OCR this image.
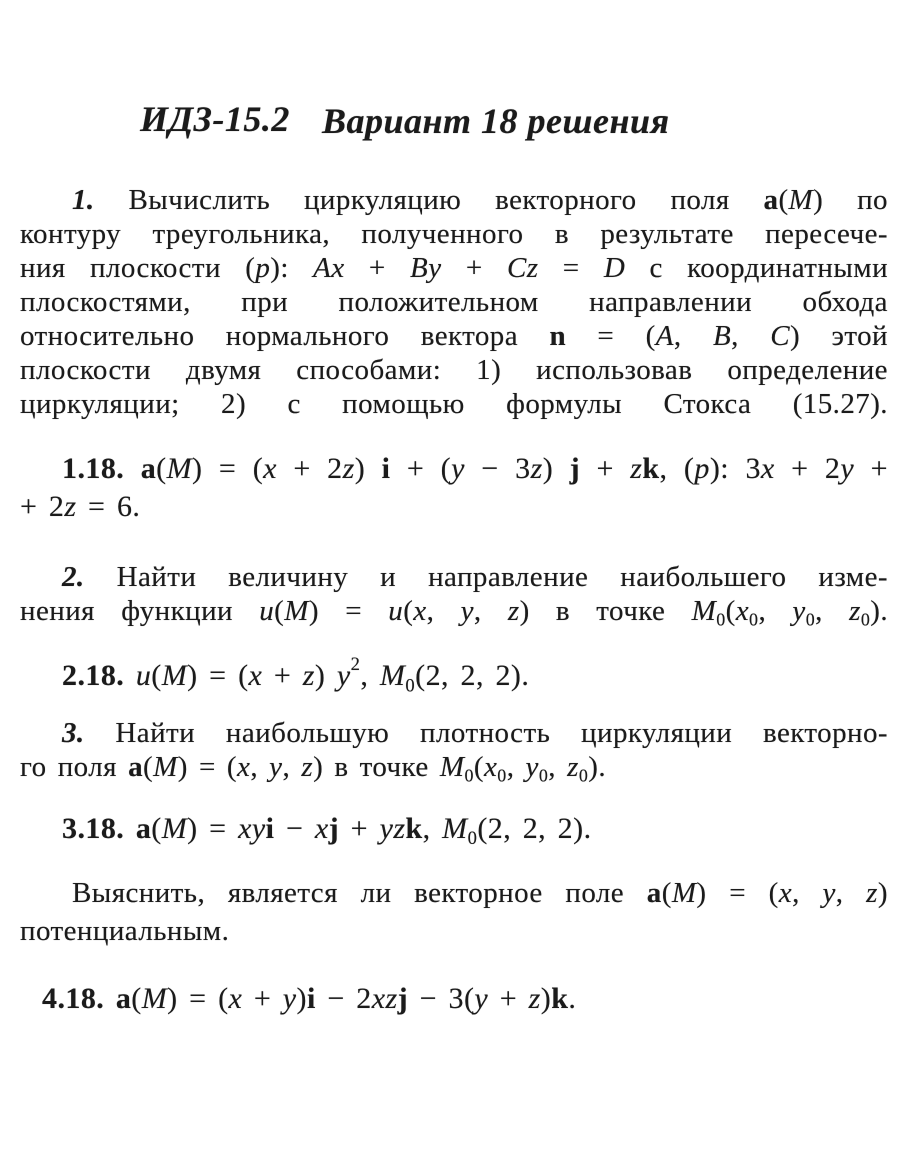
ИДЗ-15.2 Вариант 18 решения
1. Вычислить циркуляцию векторного поля a(M) по
контуру треугольника, полученного в результате пересече-
ния плоскости (p): Ax + By + Cz = D с координатными
плоскостями, при положительном направлении обхода
относительно нормального вектора n = (A, B, C) этой
плоскости двумя способами: 1) использовав определение
циркуляции; 2) с помощью формулы Стокса (15.27).
1.18. a(M) = (x + 2z) i + (y − 3z) j + zk, (p): 3x + 2y +
+ 2z = 6.
2. Найти величину и направление наибольшего изме-
нения функции u(M) = u(x, y, z) в точке M0(x0, y0, z0).
2.18. u(M) = (x + z) $y^2$, $M_0(2$, 2, 2).
3. Найти наибольшую плотность циркуляции векторно-
го поля a(M) = (x, y, z) в точке M0(x0, y0, z0).
3.18. a(M) = xyi − xj + yzk, $M_0(2$, 2, 2).
Выяснить, является ли векторное поле a(M) = (x, y, z)
потенциальным.
4.18. a(M) = (x + y)i − 2xzj − 3(y + z)k.
